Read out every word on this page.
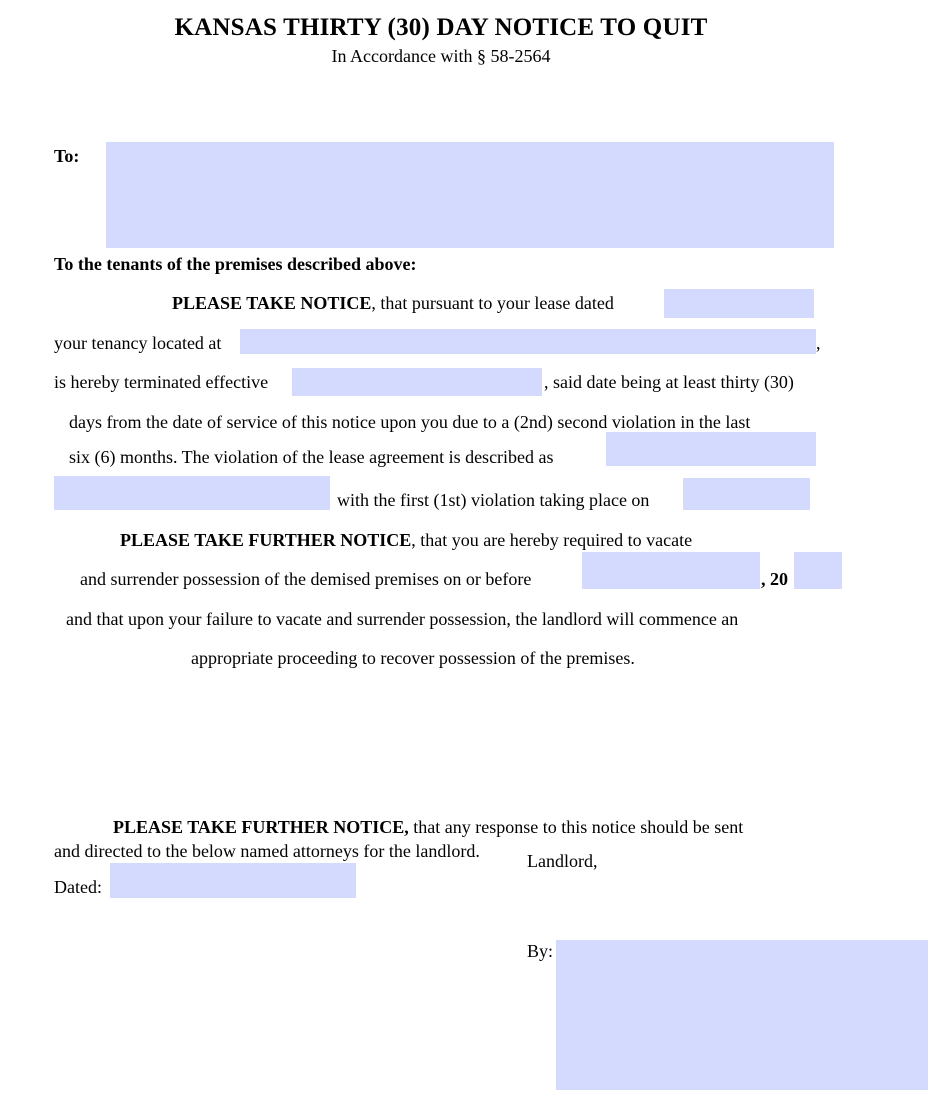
KANSAS THIRTY (30) DAY NOTICE TO QUIT
In Accordance with § 58-2564
To:
To the tenants of the premises described above:
PLEASE TAKE NOTICE, that pursuant to your lease dated
your tenancy located at	,
is hereby terminated effective	, said date being at least thirty (30)
days from the date of service of this notice upon you due to a (2nd) second violation in the last
six (6) months. The violation of the lease agreement is described as
with the first (1st) violation taking place on
PLEASE TAKE FURTHER NOTICE, that you are hereby required to vacate
and surrender possession of the demised premises on or before	, 20
and that upon your failure to vacate and surrender possession, the landlord will commence an
appropriate proceeding to recover possession of the premises.
PLEASE TAKE FURTHER NOTICE, that any response to this notice should be sent
and directed to the below named attorneys for the landlord.	Landlord,
Dated:
By:
